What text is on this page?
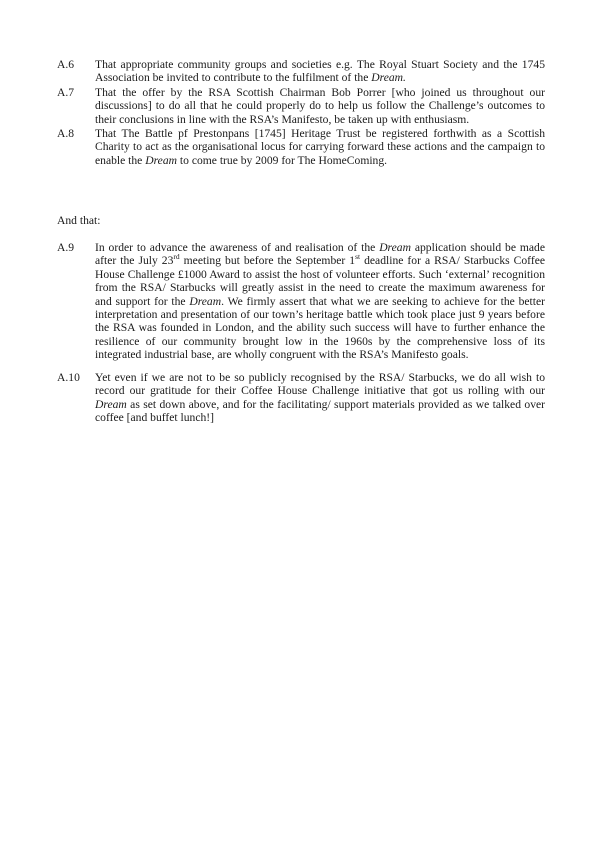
A.6	That appropriate community groups and societies e.g. The Royal Stuart Society and the 1745 Association be invited to contribute to the fulfilment of the Dream.
A.7	That the offer by the RSA Scottish Chairman Bob Porrer [who joined us throughout our discussions] to do all that he could properly do to help us follow the Challenge’s outcomes to their conclusions in line with the RSA’s Manifesto, be taken up with enthusiasm.
A.8	That The Battle pf Prestonpans [1745] Heritage Trust be registered forthwith as a Scottish Charity to act as the organisational locus for carrying forward these actions and the campaign to enable the Dream to come true by 2009 for The HomeComing.
And that:
A.9	In order to advance the awareness of and realisation of the Dream application should be made after the July 23rd meeting but before the September 1st deadline for a RSA/ Starbucks Coffee House Challenge £1000 Award to assist the host of volunteer efforts. Such ‘external’ recognition from the RSA/ Starbucks will greatly assist in the need to create the maximum awareness for and support for the Dream. We firmly assert that what we are seeking to achieve for the better interpretation and presentation of our town’s heritage battle which took place just 9 years before the RSA was founded in London, and the ability such success will have to further enhance the resilience of our community brought low in the 1960s by the comprehensive loss of its integrated industrial base, are wholly congruent with the RSA’s Manifesto goals.
A.10	Yet even if we are not to be so publicly recognised by the RSA/ Starbucks, we do all wish to record our gratitude for their Coffee House Challenge initiative that got us rolling with our Dream as set down above, and for the facilitating/ support materials provided as we talked over coffee [and buffet lunch!]
